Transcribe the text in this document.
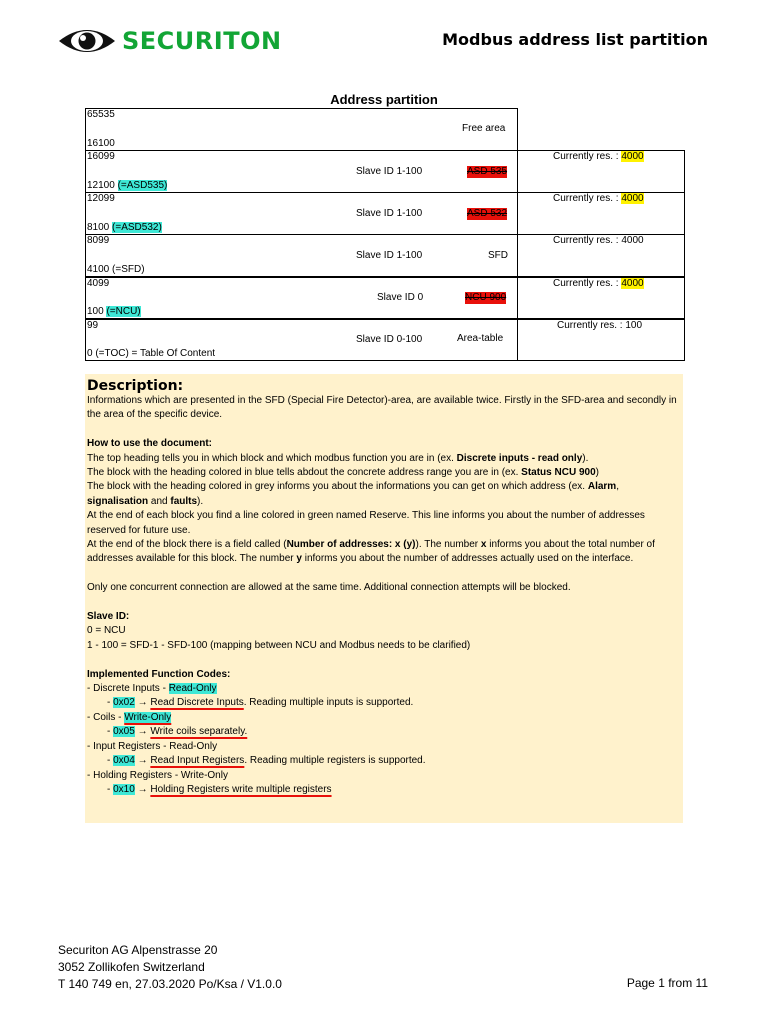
SECURITON	Modbus address list partition
Address partition
65535
Free area
16100
16099
Slave ID 1-100	ASD 535
12100 (=ASD535)
Currently res. : 4000
12099
Slave ID 1-100	ASD 532
8100 (=ASD532)
Currently res. : 4000
8099
Slave ID 1-100	SFD
4100 (=SFD)
Currently res. : 4000
4099
Slave ID 0	NCU 900
100 (=NCU)
Currently res. : 4000
99
Slave ID 0-100	Area-table
0 (=TOC) = Table Of Content
Currently res. : 100
Description:

Informations which are presented in the SFD (Special Fire Detector)-area, are available twice. Firstly in the SFD-area and secondly in the area of the specific device.

How to use the document:

The top heading tells you in which block and which modbus function you are in (ex. Discrete inputs - read only).

The block with the heading colored in blue tells abdout the concrete address range you are in (ex. Status NCU 900)

The block with the heading colored in grey informs you about the informations you can get on which address (ex. Alarm, signalisation and faults).

At the end of each block you find a line colored in green named Reserve. This line informs you about the number of addresses reserved for future use.

At the end of the block there is a field called (Number of addresses: x (y)). The number x informs you about the total number of addresses available for this block. The number y informs you about the number of addresses actually used on the interface.

Only one concurrent connection are allowed at the same time. Additional connection attempts will be blocked.

Slave ID:

0 = NCU

1 - 100 = SFD-1 - SFD-100 (mapping between NCU and Modbus needs to be clarified)

Implemented Function Codes:

- Discrete Inputs - Read-Only

- 0x02 → Read Discrete Inputs. Reading multiple inputs is supported.

- Coils - Write-Only

- 0x05 → Write coils separately.

- Input Registers - Read-Only

- 0x04 → Read Input Registers. Reading multiple registers is supported.

- Holding Registers - Write-Only

- 0x10 → Holding Registers write multiple registers

Securiton AG Alpenstrasse 20
3052 Zollikofen Switzerland
T 140 749 en, 27.03.2020 Po/Ksa / V1.0.0	Page 1 from 11
